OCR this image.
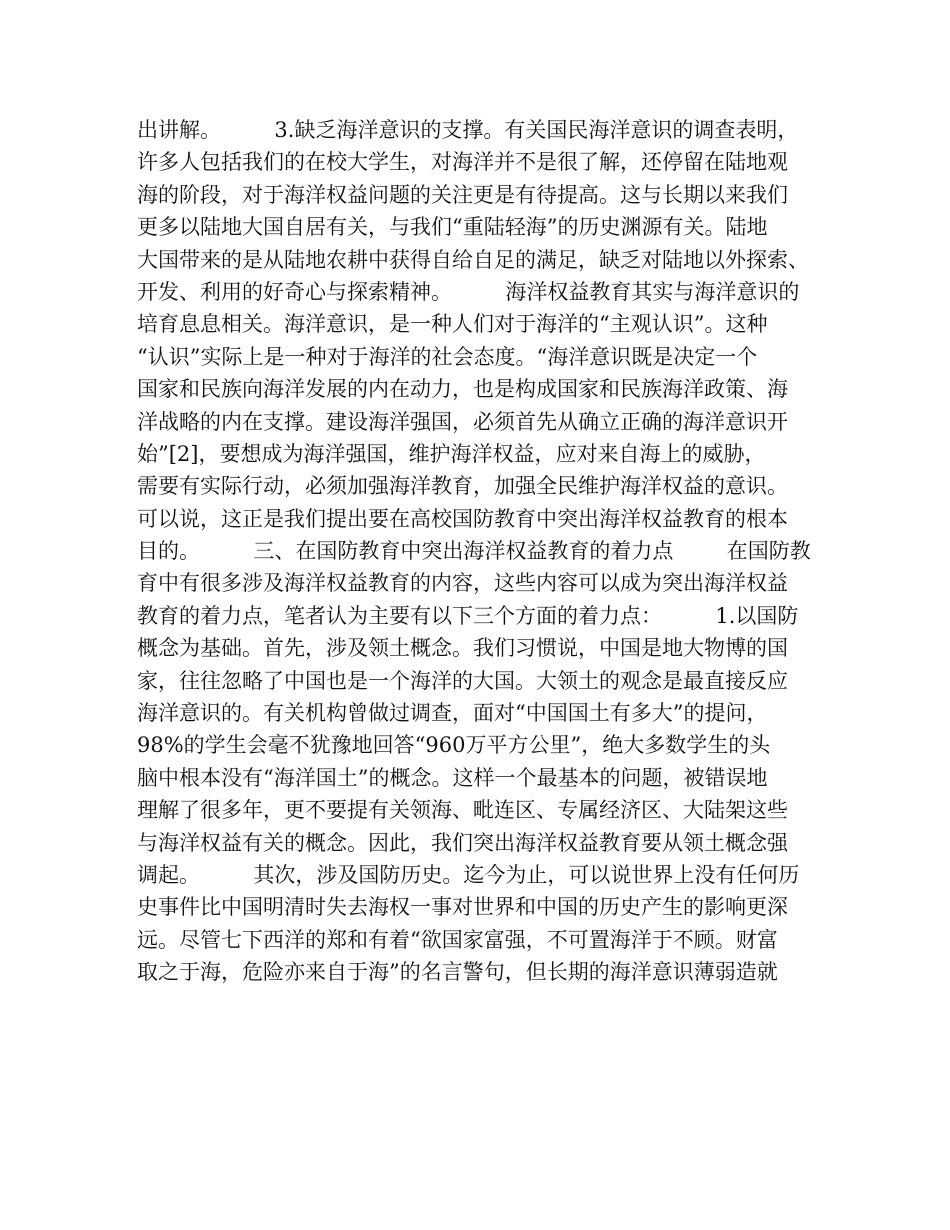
出讲解。        3.缺乏海洋意识的支撑。有关国民海洋意识的调查表明，
许多人包括我们的在校大学生，对海洋并不是很了解，还停留在陆地观
海的阶段，对于海洋权益问题的关注更是有待提高。这与长期以来我们
更多以陆地大国自居有关，与我们“重陆轻海”的历史渊源有关。陆地
大国带来的是从陆地农耕中获得自给自足的满足，缺乏对陆地以外探索、
开发、利用的好奇心与探索精神。        海洋权益教育其实与海洋意识的
培育息息相关。海洋意识，是一种人们对于海洋的“主观认识”。这种
“认识”实际上是一种对于海洋的社会态度。“海洋意识既是决定一个
国家和民族向海洋发展的内在动力，也是构成国家和民族海洋政策、海
洋战略的内在支撑。建设海洋强国，必须首先从确立正确的海洋意识开
始”[2]，要想成为海洋强国，维护海洋权益，应对来自海上的威胁，
需要有实际行动，必须加强海洋教育，加强全民维护海洋权益的意识。
可以说，这正是我们提出要在高校国防教育中突出海洋权益教育的根本
目的。        三、在国防教育中突出海洋权益教育的着力点        在国防教
育中有很多涉及海洋权益教育的内容，这些内容可以成为突出海洋权益
教育的着力点，笔者认为主要有以下三个方面的着力点：        1.以国防
概念为基础。首先，涉及领土概念。我们习惯说，中国是地大物博的国
家，往往忽略了中国也是一个海洋的大国。大领土的观念是最直接反应
海洋意识的。有关机构曾做过调查，面对“中国国土有多大”的提问，
98%的学生会毫不犹豫地回答“960万平方公里”，绝大多数学生的头
脑中根本没有“海洋国土”的概念。这样一个最基本的问题，被错误地
理解了很多年，更不要提有关领海、毗连区、专属经济区、大陆架这些
与海洋权益有关的概念。因此，我们突出海洋权益教育要从领土概念强
调起。        其次，涉及国防历史。迄今为止，可以说世界上没有任何历
史事件比中国明清时失去海权一事对世界和中国的历史产生的影响更深
远。尽管七下西洋的郑和有着“欲国家富强，不可置海洋于不顾。财富
取之于海，危险亦来自于海”的名言警句，但长期的海洋意识薄弱造就
